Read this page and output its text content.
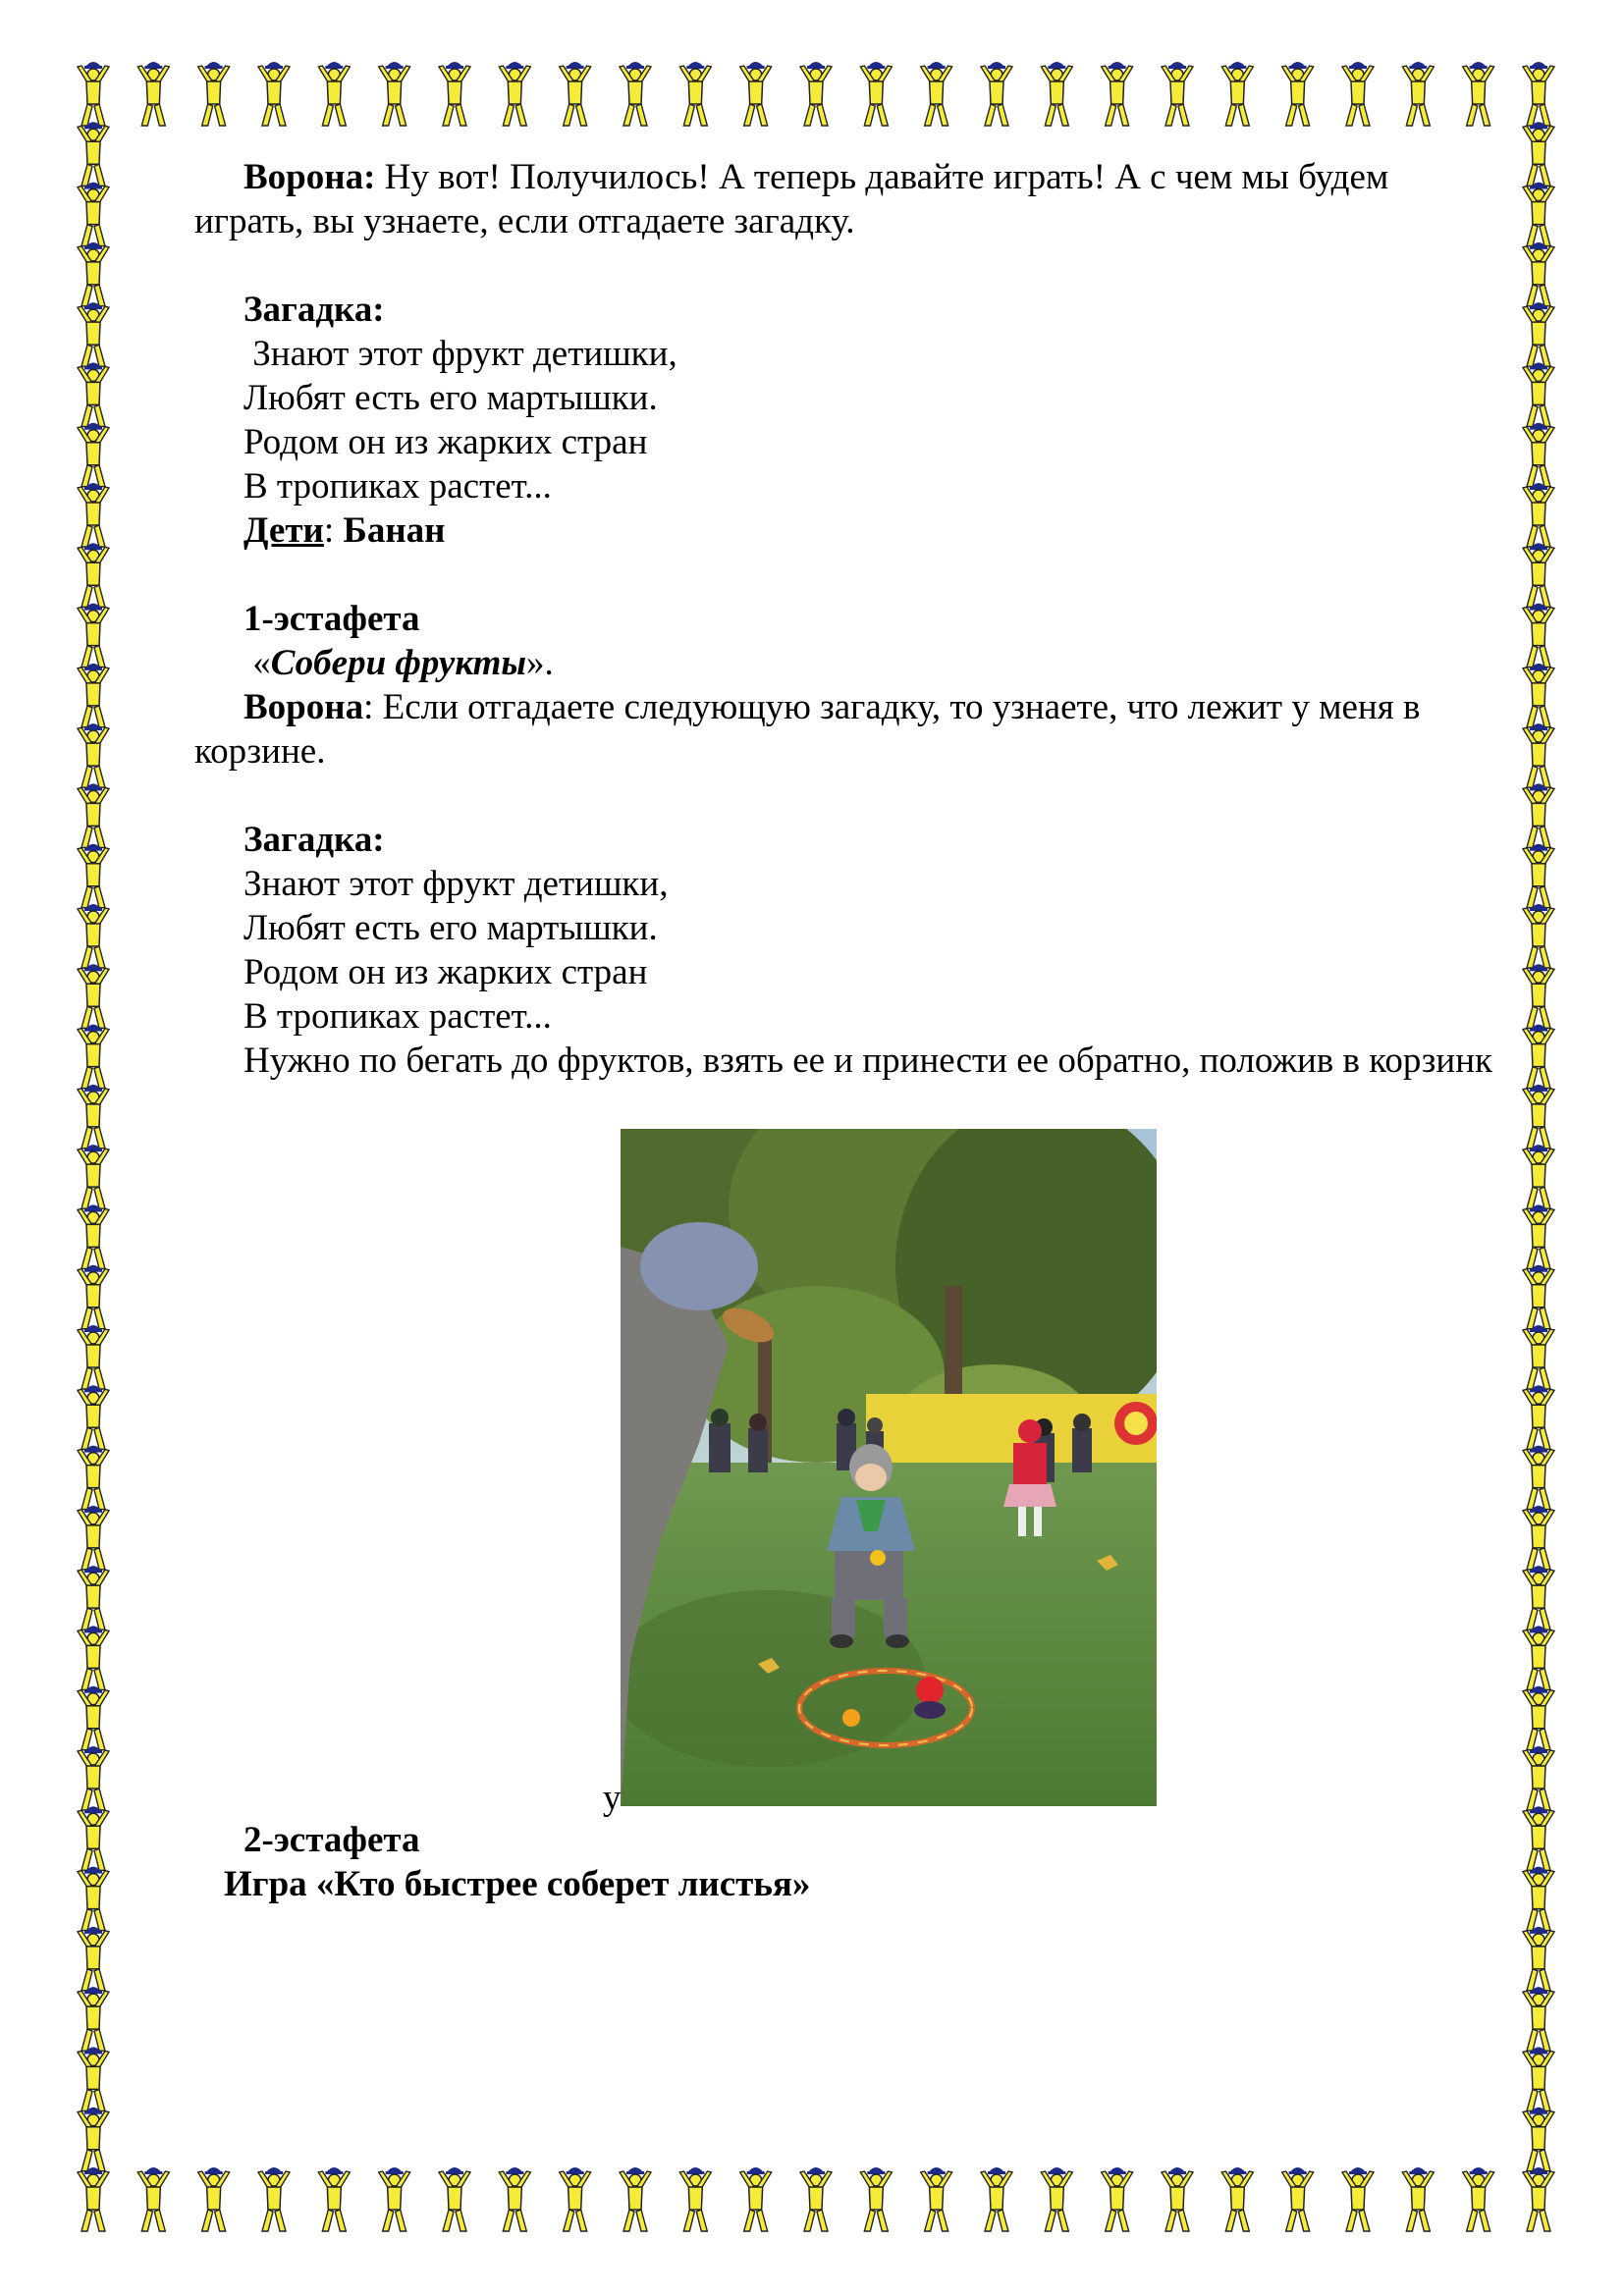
Ворона: Ну вот! Получилось! А теперь давайте играть! А с чем мы будем играть, вы узнаете, если отгадаете загадку.

Загадка:

Знают этот фрукт детишки,

Любят есть его мартышки.

Родом он из жарких стран

В тропиках растет...

Дети: Банан

1-эстафета

«Собери фрукты».

Ворона: Если отгадаете следующую загадку, то узнаете, что лежит у меня в корзине.

Загадка:

Знают этот фрукт детишки,

Любят есть его мартышки.

Родом он из жарких стран

В тропиках растет...

Нужно по бегать до фруктов, взять ее и принести ее обратно, положив в корзинк

у

2-эстафета

Игра «Кто быстрее соберет листья»
